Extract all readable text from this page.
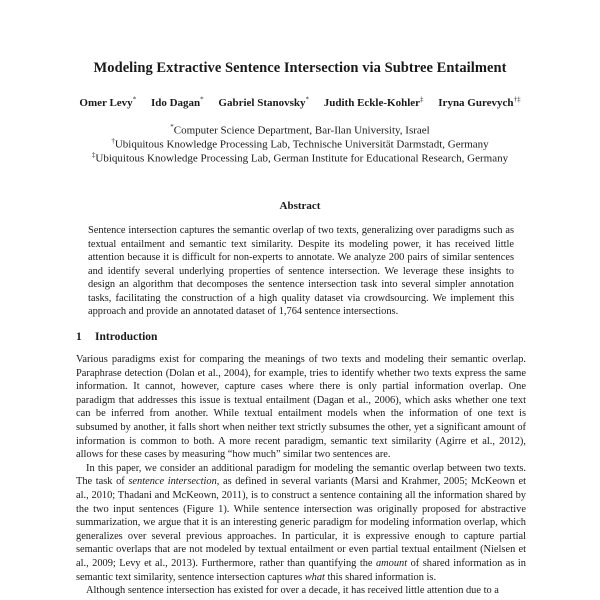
Modeling Extractive Sentence Intersection via Subtree Entailment
Omer Levy* Ido Dagan* Gabriel Stanovsky* Judith Eckle-Kohler‡ Iryna Gurevych†‡
*Computer Science Department, Bar-Ilan University, Israel
†Ubiquitous Knowledge Processing Lab, Technische Universität Darmstadt, Germany
‡Ubiquitous Knowledge Processing Lab, German Institute for Educational Research, Germany
Abstract
Sentence intersection captures the semantic overlap of two texts, generalizing over paradigms such as textual entailment and semantic text similarity. Despite its modeling power, it has received little attention because it is difficult for non-experts to annotate. We analyze 200 pairs of similar sentences and identify several underlying properties of sentence intersection. We leverage these insights to design an algorithm that decomposes the sentence intersection task into several simpler annotation tasks, facilitating the construction of a high quality dataset via crowdsourcing. We implement this approach and provide an annotated dataset of 1,764 sentence intersections.
1 Introduction

Various paradigms exist for comparing the meanings of two texts and modeling their semantic overlap. Paraphrase detection (Dolan et al., 2004), for example, tries to identify whether two texts express the same information. It cannot, however, capture cases where there is only partial information overlap. One paradigm that addresses this issue is textual entailment (Dagan et al., 2006), which asks whether one text can be inferred from another. While textual entailment models when the information of one text is subsumed by another, it falls short when neither text strictly subsumes the other, yet a significant amount of information is common to both. A more recent paradigm, semantic text similarity (Agirre et al., 2012), allows for these cases by measuring “how much” similar two sentences are.

In this paper, we consider an additional paradigm for modeling the semantic overlap between two texts. The task of sentence intersection, as defined in several variants (Marsi and Krahmer, 2005; McKeown et al., 2010; Thadani and McKeown, 2011), is to construct a sentence containing all the information shared by the two input sentences (Figure 1). While sentence intersection was originally proposed for abstractive summarization, we argue that it is an interesting generic paradigm for modeling information overlap, which generalizes over several previous approaches. In particular, it is expressive enough to capture partial semantic overlaps that are not modeled by textual entailment or even partial textual entailment (Nielsen et al., 2009; Levy et al., 2013). Furthermore, rather than quantifying the amount of shared information as in semantic text similarity, sentence intersection captures what this shared information is.

Although sentence intersection has existed for over a decade, it has received little attention due to a
